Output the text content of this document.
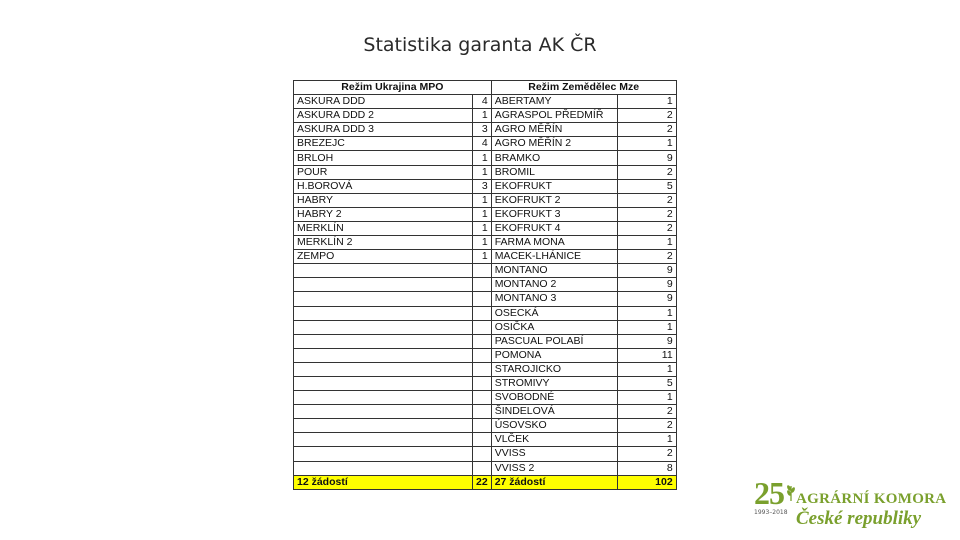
Statistika garanta AK ČR
Režim Ukrajina MPO		Režim Zemědělec Mze	
ASKURA DDD	4	ABERTAMY	1
ASKURA DDD 2	1	AGRASPOL PŘEDMÍŘ	2
ASKURA DDD 3	3	AGRO MĚŘÍN	2
BREZEJC	4	AGRO MĚŘÍN 2	1
BRLOH	1	BRAMKO	9
POUR	1	BROMIL	2
H.BOROVÁ	3	EKOFRUKT	5
HABRY	1	EKOFRUKT 2	2
HABRY 2	1	EKOFRUKT 3	2
MERKLÍN	1	EKOFRUKT 4	2
MERKLÍN 2	1	FARMA MONA	1
ZEMPO	1	MACEK-LHÁNICE	2
		MONTANO	9
		MONTANO 2	9
		MONTANO 3	9
		OSECKÁ	1
		OSIČKA	1
		PASCUAL POLABÍ	9
		POMONA	11
		STAROJICKO	1
		STROMIVY	5
		SVOBODNÉ	1
		ŠINDELOVÁ	2
		ÚSOVSKO	2
		VLČEK	1
		VVISS	2
		VVISS 2	8
12 žádostí	22	27 žádostí	102	25
1993–2018
AGRÁRNÍ KOMORA
České republiky
